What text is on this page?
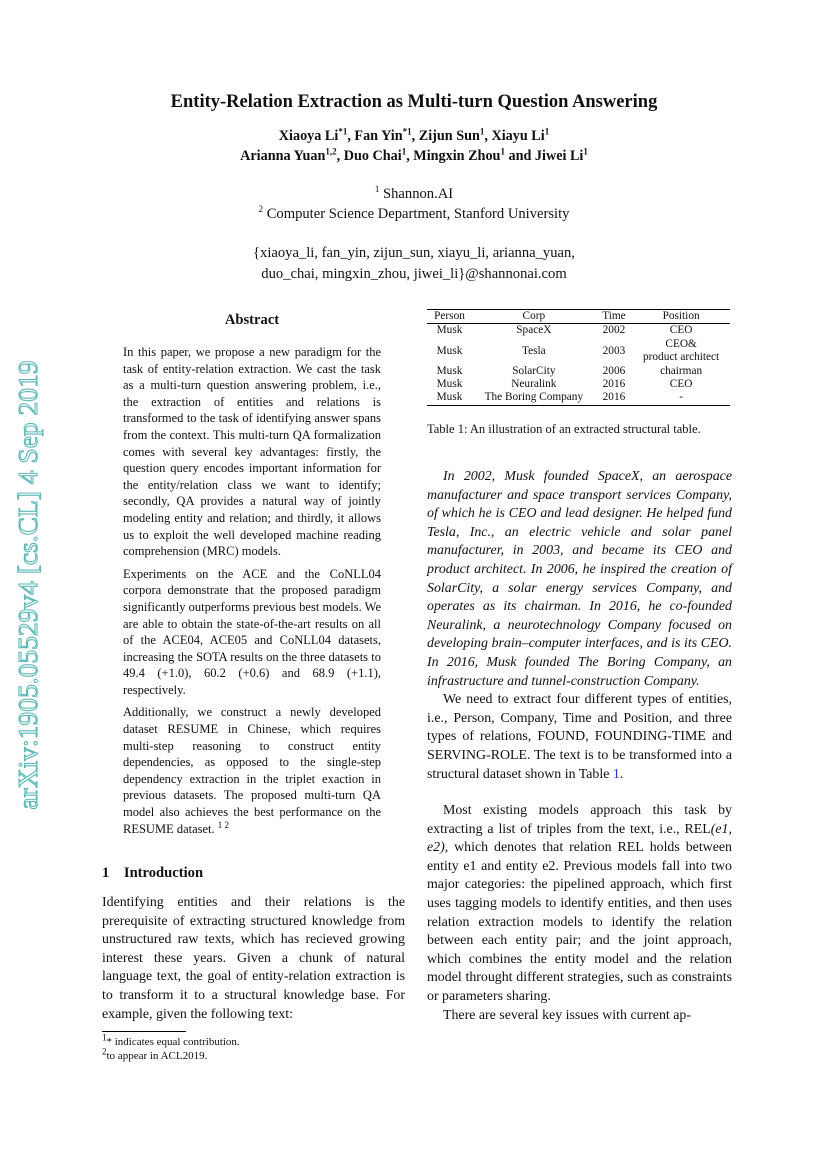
arXiv:1905.05529v4 [cs.CL] 4 Sep 2019
Entity-Relation Extraction as Multi-turn Question Answering
Xiaoya Li$^{*1}$, Fan Yin$^{*1}$, Zijun Sun$^1$, Xiayu Li$^1$
Arianna Yuan$^{1,2}$, Duo Chai$^1$, Mingxin Zhou$^1$ and Jiwei Li$^1$
$^1$ Shannon.AI
$^2$ Computer Science Department, Stanford University
{xiaoya_li, fan_yin, zijun_sun, xiayu_li, arianna_yuan,
duo_chai, mingxin_zhou, jiwei_li}@shannonai.com
Abstract

In this paper, we propose a new paradigm for the task of entity-relation extraction. We cast the task as a multi-turn question answering problem, i.e., the extraction of entities and relations is transformed to the task of identifying answer spans from the context. This multi-turn QA formalization comes with several key advantages: firstly, the question query encodes important information for the entity/relation class we want to identify; secondly, QA provides a natural way of jointly modeling entity and relation; and thirdly, it allows us to exploit the well developed machine reading comprehension (MRC) models.

Experiments on the ACE and the CoNLL04 corpora demonstrate that the proposed paradigm significantly outperforms previous best models. We are able to obtain the state-of-the-art results on all of the ACE04, ACE05 and CoNLL04 datasets, increasing the SOTA results on the three datasets to 49.4 (+1.0), 60.2 (+0.6) and 68.9 (+1.1), respectively.

Additionally, we construct a newly developed dataset RESUME in Chinese, which requires multi-step reasoning to construct entity dependencies, as opposed to the single-step dependency extraction in the triplet exaction in previous datasets. The proposed multi-turn QA model also achieves the best performance on the RESUME dataset. $^{1 2}$

1 Introduction
Identifying entities and their relations is the prerequisite of extracting structured knowledge from unstructured raw texts, which has recieved growing interest these years. Given a chunk of natural language text, the goal of entity-relation extraction is to transform it to a structural knowledge base. For example, given the following text:
$^1$* indicates equal contribution.
$^2$to appear in ACL2019.
Person	Corp	Time	Position
Musk	SpaceX	2002	CEO
Musk	Tesla	2003	CEO&
product architect
Musk	SolarCity	2006	chairman
Musk	Neuralink	2016	CEO
Musk	The Boring Company	2016	-
Table 1: An illustration of an extracted structural table.

In 2002, Musk founded SpaceX, an aerospace manufacturer and space transport services Company, of which he is CEO and lead designer. He helped fund Tesla, Inc., an electric vehicle and solar panel manufacturer, in 2003, and became its CEO and product architect. In 2006, he inspired the creation of SolarCity, a solar energy services Company, and operates as its chairman. In 2016, he co-founded Neuralink, a neurotechnology Company focused on developing brain–computer interfaces, and is its CEO. In 2016, Musk founded The Boring Company, an infrastructure and tunnel-construction Company.

We need to extract four different types of entities, i.e., Person, Company, Time and Position, and three types of relations, FOUND, FOUNDING-TIME and SERVING-ROLE. The text is to be transformed into a structural dataset shown in Table 1.

Most existing models approach this task by extracting a list of triples from the text, i.e., REL(e1, e2), which denotes that relation REL holds between entity e1 and entity e2. Previous models fall into two major categories: the pipelined approach, which first uses tagging models to identify entities, and then uses relation extraction models to identify the relation between each entity pair; and the joint approach, which combines the entity model and the relation model throught different strategies, such as constraints or parameters sharing.

There are several key issues with current ap-
